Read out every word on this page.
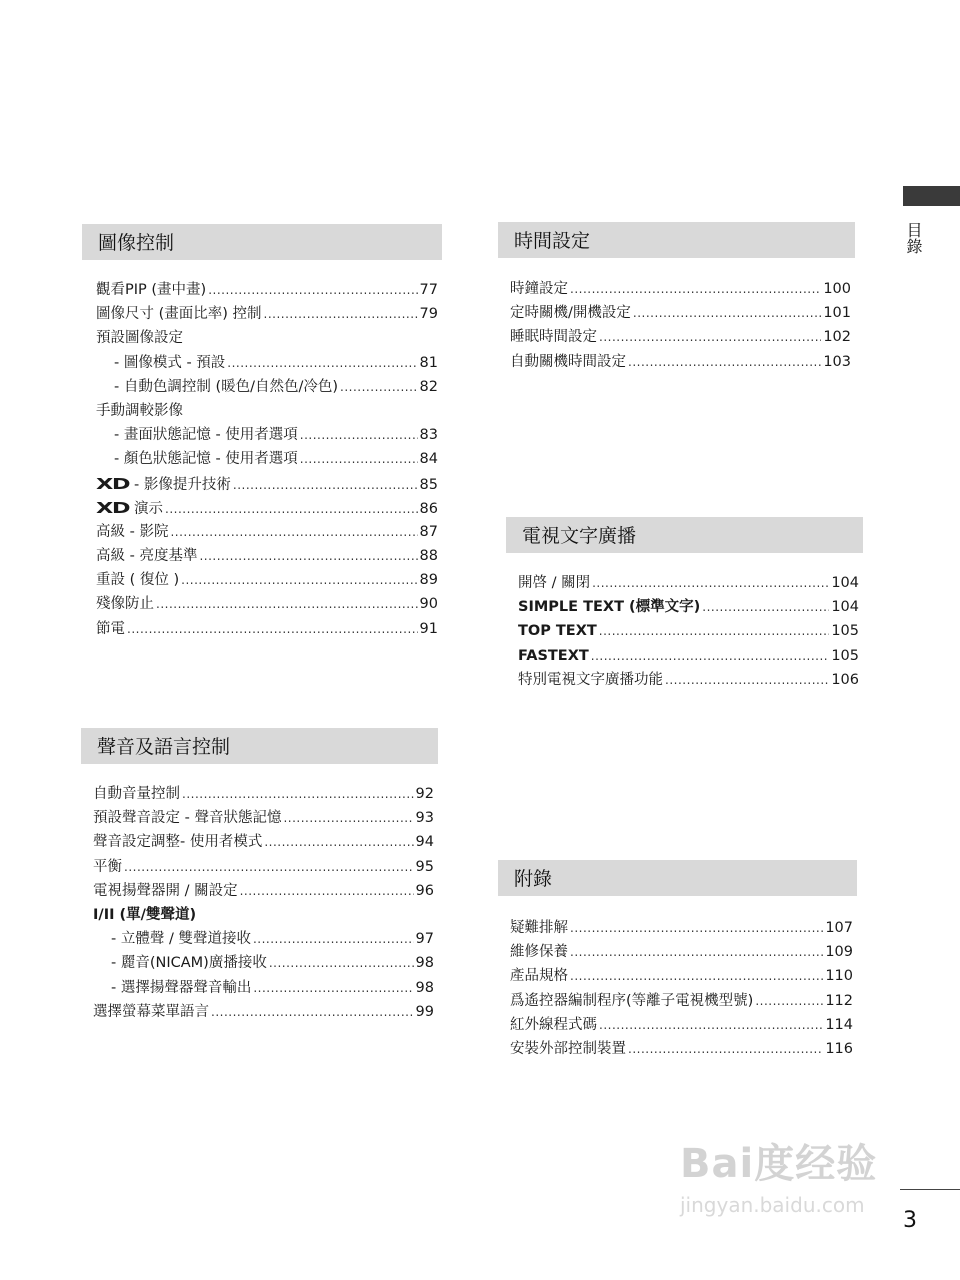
目錄
圖像控制
觀看PIP (畫中畫) .....	77
圖像尺寸 (畫面比率) 控制 .....	79
預設圖像設定
- 圖像模式 - 預設 .....	81
- 自動色調控制 (暖色/自然色/冷色) .....	82
手動調較影像
- 畫面狀態記憶 - 使用者選項 .....	83
- 顏色狀態記憶 - 使用者選項 .....	84
XD - 影像提升技術 .....	85
XD 演示 .....	86
高級 - 影院 .....	87
高級 - 亮度基準 .....	88
重設 ( 復位 ) .....	89
殘像防止 .....	90
節電 .....	91
聲音及語言控制
自動音量控制 .....	92
預設聲音設定 - 聲音狀態記憶 .....	93
聲音設定調整- 使用者模式 .....	94
平衡 .....	95
電視揚聲器開 / 關設定 .....	96
I/II (單/雙聲道)
- 立體聲 / 雙聲道接收 .....	97
- 麗音(NICAM)廣播接收 .....	98
- 選擇揚聲器聲音輸出 .....	98
選擇螢幕菜單語言 .....	99
時間設定
時鐘設定 .....	100
定時關機/開機設定 .....	101
睡眠時間設定 .....	102
自動關機時間設定 .....	103
電視文字廣播
開啓 / 關閉 .....	104
SIMPLE TEXT (標準文字) .....	104
TOP TEXT .....	105
FASTEXT .....	105
特別電視文字廣播功能 .....	106
附錄
疑難排解 .....	107
維修保養 .....	109
產品規格 .....	110
爲遙控器編制程序(等離子電視機型號) .....	112
紅外線程式碼 .....	114
安裝外部控制裝置 .....	116
Bai度经验
jingyan.baidu.com
3
